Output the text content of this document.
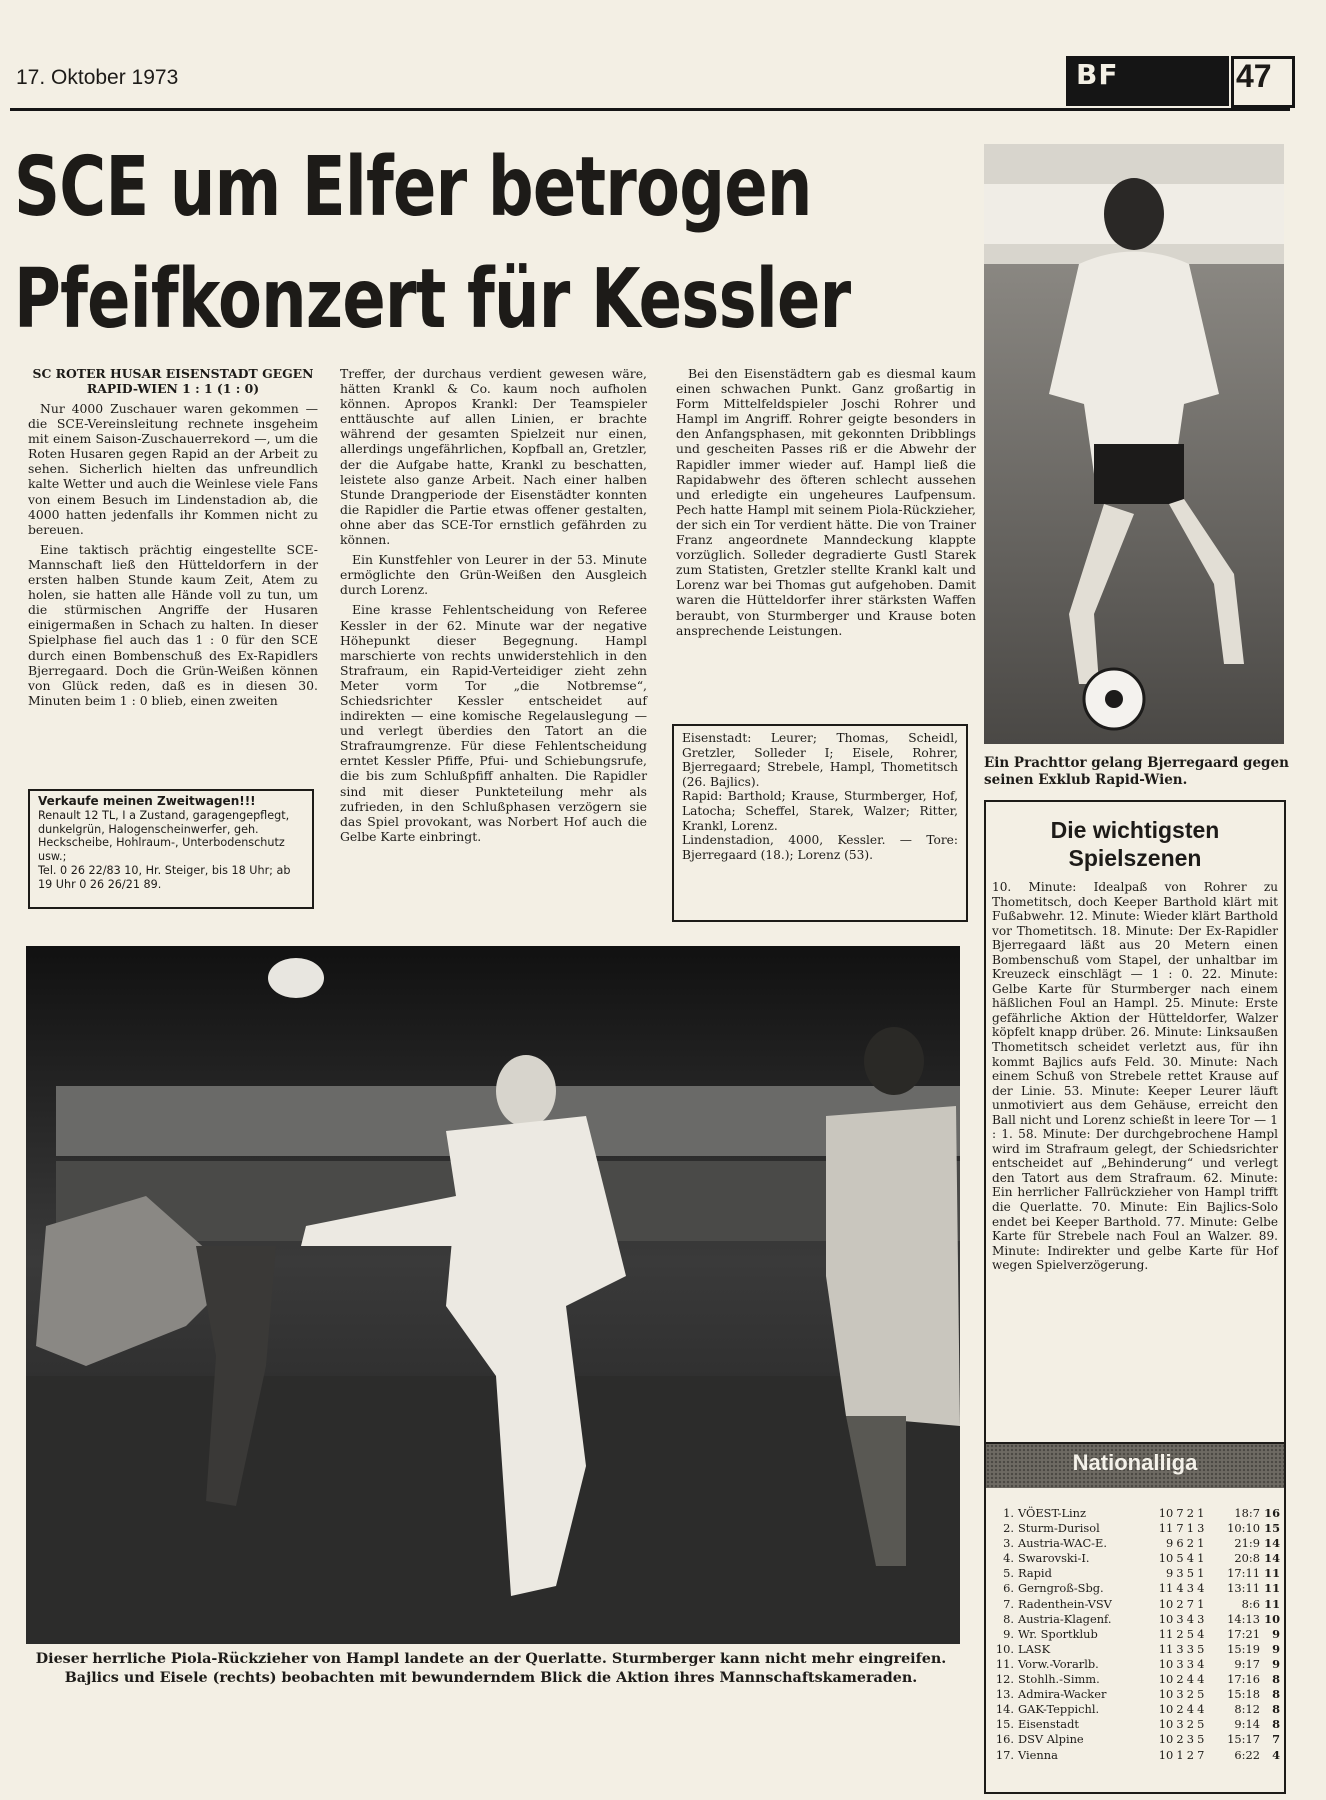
17. Oktober 1973	BF	47
SCE um Elfer betrogen
Pfeifkonzert für Kessler
SC ROTER HUSAR EISENSTADT GEGEN RAPID-WIEN 1 : 1 (1 : 0)

Nur 4000 Zuschauer waren gekommen — die SCE-Vereinsleitung rechnete insgeheim mit einem Saison-Zuschauerrekord —, um die Roten Husaren gegen Rapid an der Arbeit zu sehen. Sicherlich hielten das unfreundlich kalte Wetter und auch die Weinlese viele Fans von einem Besuch im Lindenstadion ab, die 4000 hatten jedenfalls ihr Kommen nicht zu bereuen.

Eine taktisch prächtig eingestellte SCE-Mannschaft ließ den Hütteldorfern in der ersten halben Stunde kaum Zeit, Atem zu holen, sie hatten alle Hände voll zu tun, um die stürmischen Angriffe der Husaren einigermaßen in Schach zu halten. In dieser Spielphase fiel auch das 1 : 0 für den SCE durch einen Bombenschuß des Ex-Rapidlers Bjerregaard. Doch die Grün-Weißen können von Glück reden, daß es in diesen 30. Minuten beim 1 : 0 blieb, einen zweiten

Treffer, der durchaus verdient gewesen wäre, hätten Krankl & Co. kaum noch aufholen können. Apropos Krankl: Der Teamspieler enttäuschte auf allen Linien, er brachte während der gesamten Spielzeit nur einen, allerdings ungefährlichen, Kopfball an, Gretzler, der die Aufgabe hatte, Krankl zu beschatten, leistete also ganze Arbeit. Nach einer halben Stunde Drangperiode der Eisenstädter konnten die Rapidler die Partie etwas offener gestalten, ohne aber das SCE-Tor ernstlich gefährden zu können.

Ein Kunstfehler von Leurer in der 53. Minute ermöglichte den Grün-Weißen den Ausgleich durch Lorenz.

Eine krasse Fehlentscheidung von Referee Kessler in der 62. Minute war der negative Höhepunkt dieser Begegnung. Hampl marschierte von rechts unwiderstehlich in den Strafraum, ein Rapid-Verteidiger zieht zehn Meter vorm Tor „die Notbremse“, Schiedsrichter Kessler entscheidet auf indirekten — eine komische Regelauslegung — und verlegt überdies den Tatort an die Strafraumgrenze. Für diese Fehlentscheidung erntet Kessler Pfiffe, Pfui- und Schiebungsrufe, die bis zum Schlußpfiff anhalten. Die Rapidler sind mit dieser Punkteteilung mehr als zufrieden, in den Schlußphasen verzögern sie das Spiel provokant, was Norbert Hof auch die Gelbe Karte einbringt.

Bei den Eisenstädtern gab es diesmal kaum einen schwachen Punkt. Ganz großartig in Form Mittelfeldspieler Joschi Rohrer und Hampl im Angriff. Rohrer geigte besonders in den Anfangsphasen, mit gekonnten Dribblings und gescheiten Passes riß er die Abwehr der Rapidler immer wieder auf. Hampl ließ die Rapidabwehr des öfteren schlecht aussehen und erledigte ein ungeheures Laufpensum. Pech hatte Hampl mit seinem Piola-Rückzieher, der sich ein Tor verdient hätte. Die von Trainer Franz angeordnete Manndeckung klappte vorzüglich. Solleder degradierte Gustl Starek zum Statisten, Gretzler stellte Krankl kalt und Lorenz war bei Thomas gut aufgehoben. Damit waren die Hütteldorfer ihrer stärksten Waffen beraubt, von Sturmberger und Krause boten ansprechende Leistungen.

Verkaufe meinen Zweitwagen!!!
Renault 12 TL, I a Zustand, garagengepflegt, dunkelgrün, Halogenscheinwerfer, geh. Heckscheibe, Hohlraum-, Unterbodenschutz usw.;
Tel. 0 26 22/83 10, Hr. Steiger, bis 18 Uhr; ab 19 Uhr 0 26 26/21 89.

Eisenstadt: Leurer; Thomas, Scheidl, Gretzler, Solleder I; Eisele, Rohrer, Bjerregaard; Strebele, Hampl, Thometitsch (26. Bajlics).

Rapid: Barthold; Krause, Sturmberger, Hof, Latocha; Scheffel, Starek, Walzer; Ritter, Krankl, Lorenz.

Lindenstadion, 4000, Kessler. — Tore: Bjerregaard (18.); Lorenz (53).

Ein Prachttor gelang Bjerregaard gegen seinen Exklub Rapid-Wien.
Die wichtigsten Spielszenen

10. Minute: Idealpaß von Rohrer zu Thometitsch, doch Keeper Barthold klärt mit Fußabwehr. 12. Minute: Wieder klärt Barthold vor Thometitsch. 18. Minute: Der Ex-Rapidler Bjerregaard läßt aus 20 Metern einen Bombenschuß vom Stapel, der unhaltbar im Kreuzeck einschlägt — 1 : 0. 22. Minute: Gelbe Karte für Sturmberger nach einem häßlichen Foul an Hampl. 25. Minute: Erste gefährliche Aktion der Hütteldorfer, Walzer köpfelt knapp drüber. 26. Minute: Linksaußen Thometitsch scheidet verletzt aus, für ihn kommt Bajlics aufs Feld. 30. Minute: Nach einem Schuß von Strebele rettet Krause auf der Linie. 53. Minute: Keeper Leurer läuft unmotiviert aus dem Gehäuse, erreicht den Ball nicht und Lorenz schießt in leere Tor — 1 : 1. 58. Minute: Der durchgebrochene Hampl wird im Strafraum gelegt, der Schiedsrichter entscheidet auf „Behinderung“ und verlegt den Tatort aus dem Strafraum. 62. Minute: Ein herrlicher Fallrückzieher von Hampl trifft die Querlatte. 70. Minute: Ein Bajlics-Solo endet bei Keeper Barthold. 77. Minute: Gelbe Karte für Strebele nach Foul an Walzer. 89. Minute: Indirekter und gelbe Karte für Hof wegen Spielverzögerung.

Nationalliga
1.	VÖEST-Linz	10	7	2	1	18:7	16
2.	Sturm-Durisol	11	7	1	3	10:10	15
3.	Austria-WAC-E.	9	6	2	1	21:9	14
4.	Swarovski-I.	10	5	4	1	20:8	14
5.	Rapid	9	3	5	1	17:11	11
6.	Gerngroß-Sbg.	11	4	3	4	13:11	11
7.	Radenthein-VSV	10	2	7	1	8:6	11
8.	Austria-Klagenf.	10	3	4	3	14:13	10
9.	Wr. Sportklub	11	2	5	4	17:21	9
10.	LASK	11	3	3	5	15:19	9
11.	Vorw.-Vorarlb.	10	3	3	4	9:17	9
12.	Stohlh.-Simm.	10	2	4	4	17:16	8
13.	Admira-Wacker	10	3	2	5	15:18	8
14.	GAK-Teppichl.	10	2	4	4	8:12	8
15.	Eisenstadt	10	3	2	5	9:14	8
16.	DSV Alpine	10	2	3	5	15:17	7
17.	Vienna	10	1	2	7	6:22	4
Dieser herrliche Piola-Rückzieher von Hampl landete an der Querlatte. Sturmberger kann nicht mehr eingreifen. Bajlics und Eisele (rechts) beobachten mit bewunderndem Blick die Aktion ihres Mannschaftskameraden.
